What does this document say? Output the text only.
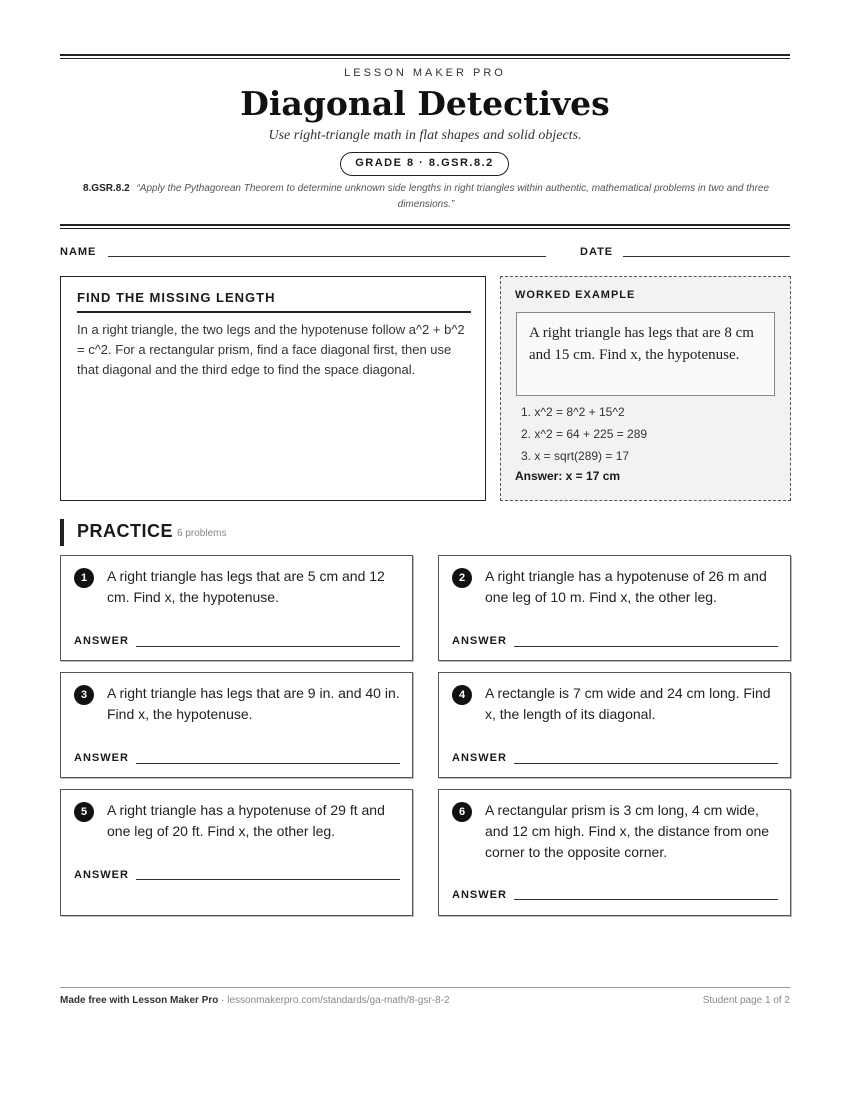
LESSON MAKER PRO
Diagonal Detectives
Use right-triangle math in flat shapes and solid objects.
GRADE 8 · 8.GSR.8.2
8.GSR.8.2 “Apply the Pythagorean Theorem to determine unknown side lengths in right triangles within authentic, mathematical problems in two and three dimensions.”
NAME	DATE
FIND THE MISSING LENGTH

In a right triangle, the two legs and the hypotenuse follow a^2 + b^2 = c^2. For a rectangular prism, find a face diagonal first, then use that diagonal and the third edge to find the space diagonal.

WORKED EXAMPLE
A right triangle has legs that are 8 cm and 15 cm. Find x, the hypotenuse.
1. x^2 = 8^2 + 15^2
2. x^2 = 64 + 225 = 289
3. x = sqrt(289) = 17
Answer: x = 17 cm
PRACTICE 6 problems
1	A right triangle has legs that are 5 cm and 12 cm. Find x, the hypotenuse.

ANSWER
2	A right triangle has a hypotenuse of 26 m and one leg of 10 m. Find x, the other leg.

ANSWER
3	A right triangle has legs that are 9 in. and 40 in. Find x, the hypotenuse.

ANSWER
4	A rectangle is 7 cm wide and 24 cm long. Find x, the length of its diagonal.

ANSWER
5	A right triangle has a hypotenuse of 29 ft and one leg of 20 ft. Find x, the other leg.

ANSWER
6	A rectangular prism is 3 cm long, 4 cm wide, and 12 cm high. Find x, the distance from one corner to the opposite corner.

ANSWER
Made free with Lesson Maker Pro · lessonmakerpro.com/standards/ga-math/8-gsr-8-2	Student page 1 of 2
